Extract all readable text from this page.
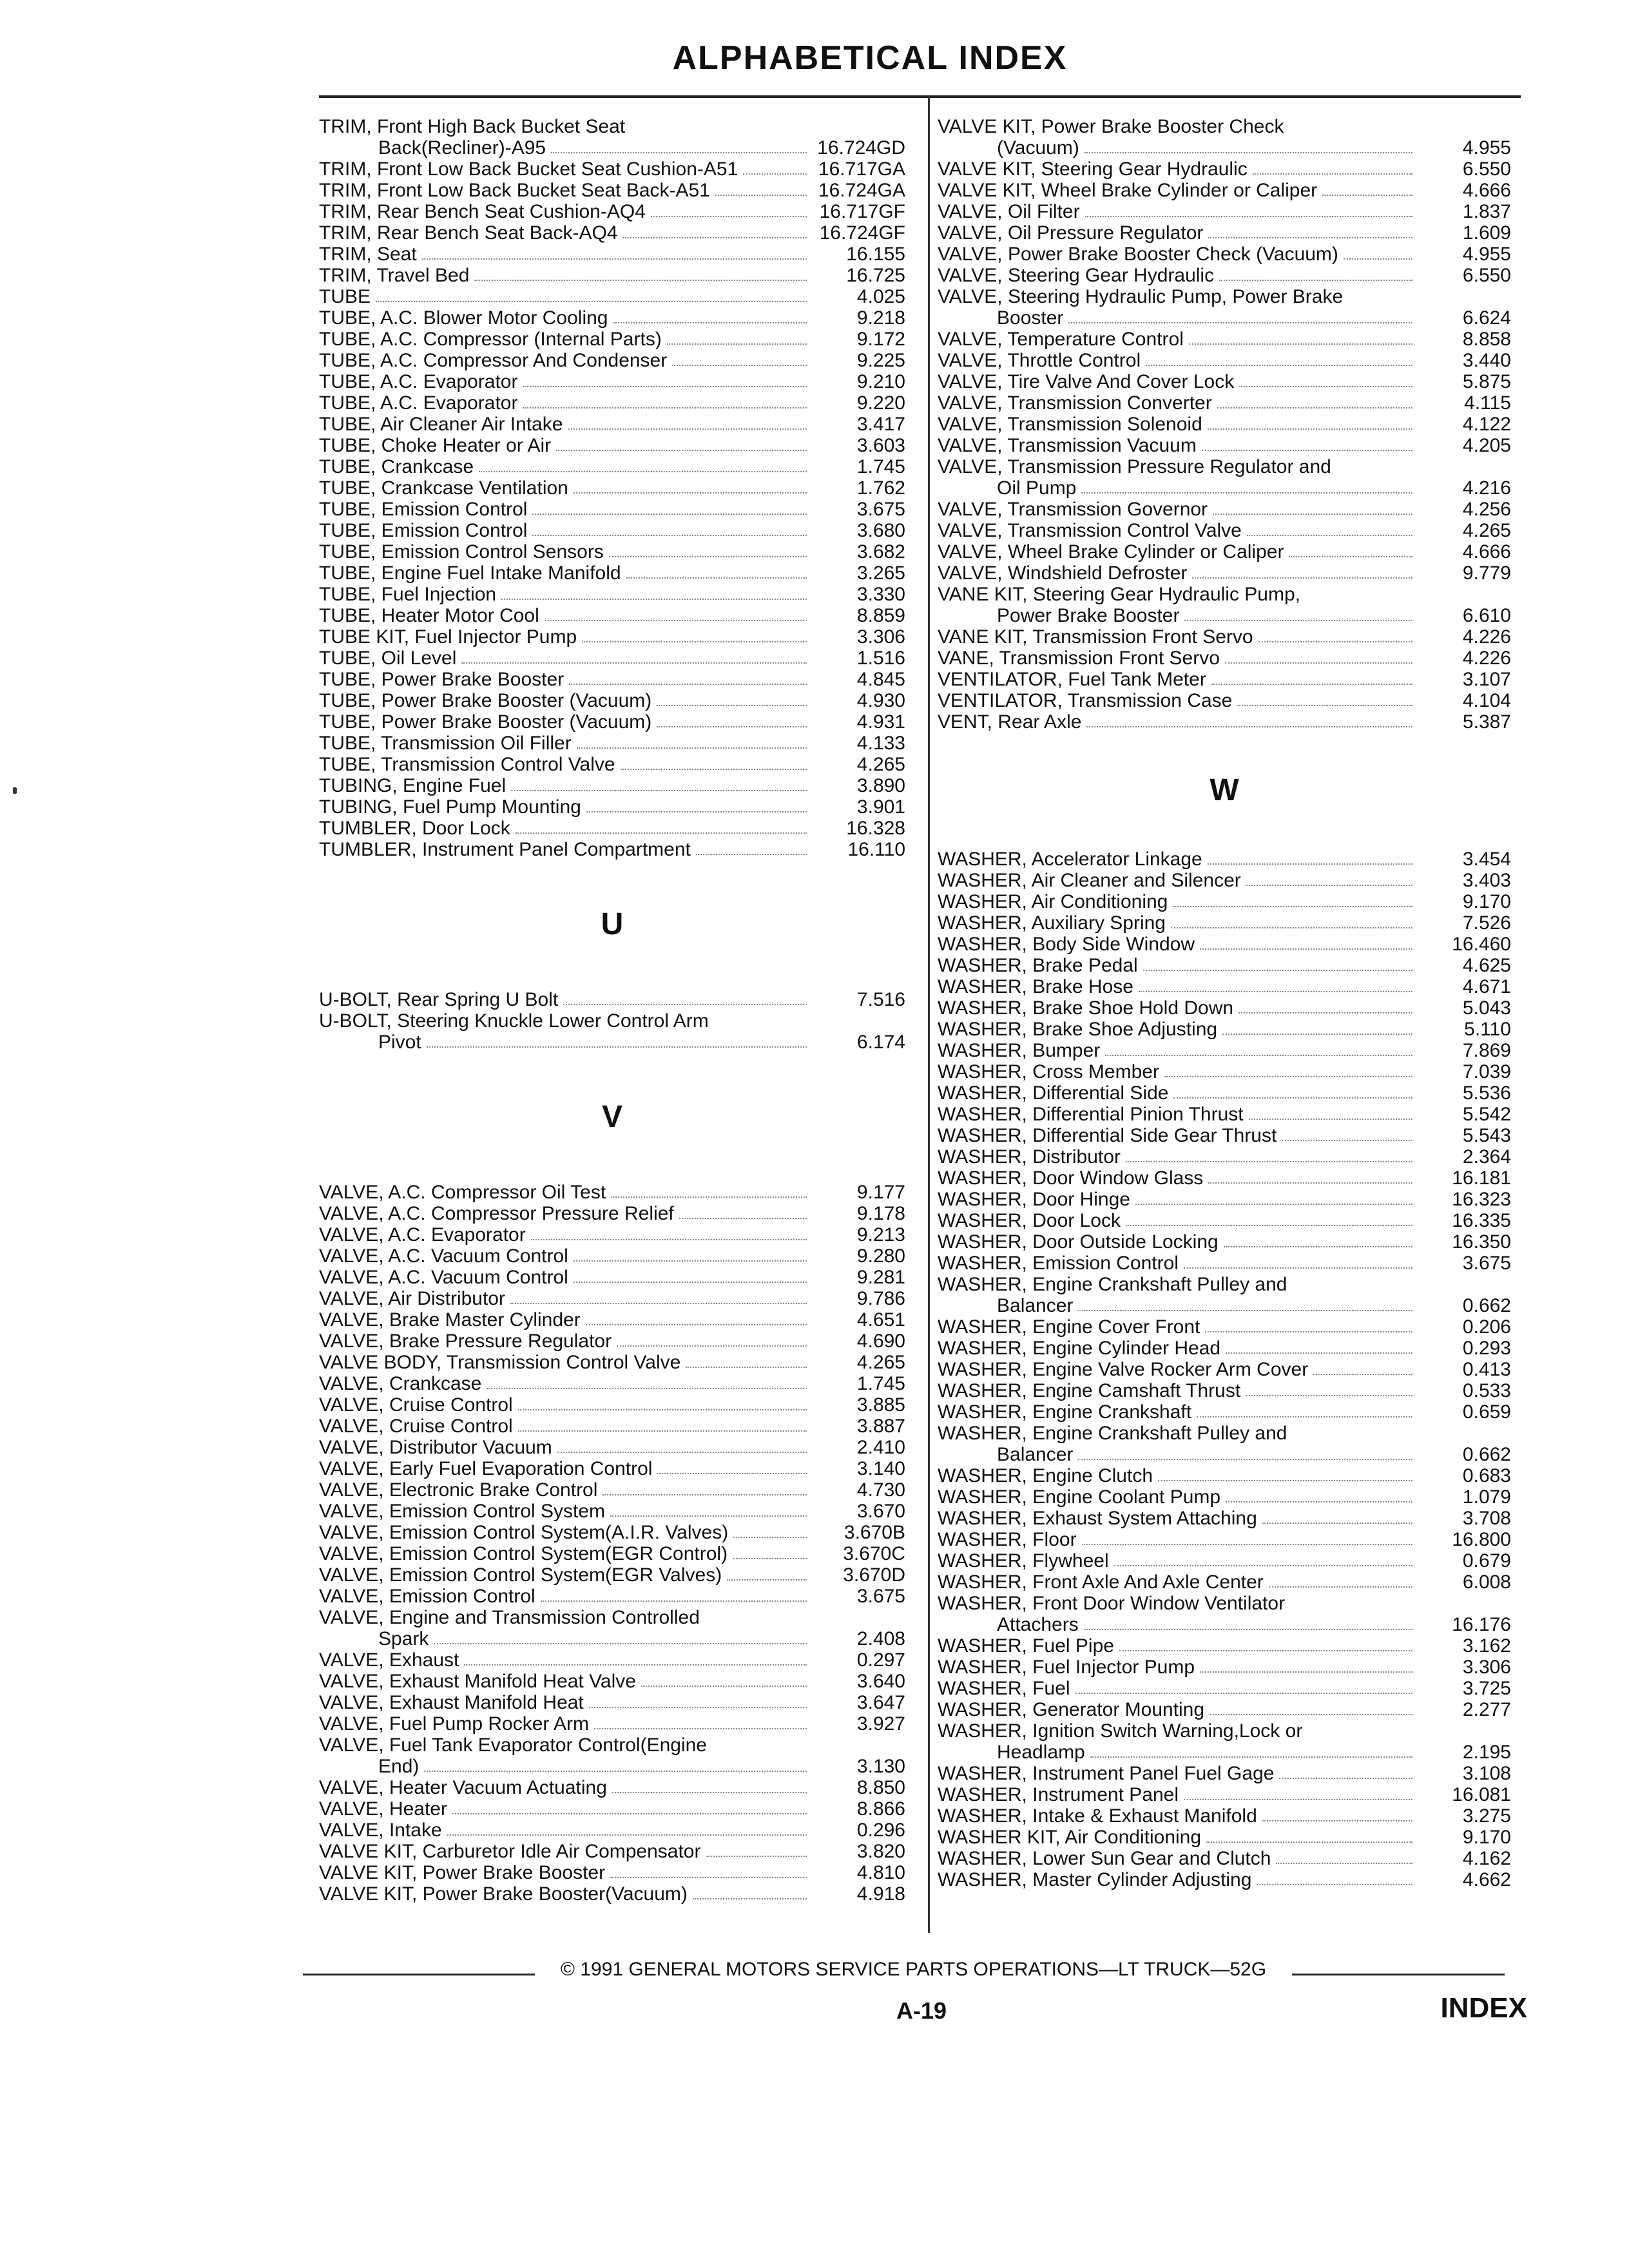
ALPHABETICAL INDEX
TRIM, Front High Back Bucket Seat
Back(Recliner)-A95	16.724GD
TRIM, Front Low Back Bucket Seat Cushion-A51	16.717GA
TRIM, Front Low Back Bucket Seat Back-A51	16.724GA
TRIM, Rear Bench Seat Cushion-AQ4	16.717GF
TRIM, Rear Bench Seat Back-AQ4	16.724GF
TRIM, Seat	16.155
TRIM, Travel Bed	16.725
TUBE	4.025
TUBE, A.C. Blower Motor Cooling	9.218
TUBE, A.C. Compressor (Internal Parts)	9.172
TUBE, A.C. Compressor And Condenser	9.225
TUBE, A.C. Evaporator	9.210
TUBE, A.C. Evaporator	9.220
TUBE, Air Cleaner Air Intake	3.417
TUBE, Choke Heater or Air	3.603
TUBE, Crankcase	1.745
TUBE, Crankcase Ventilation	1.762
TUBE, Emission Control	3.675
TUBE, Emission Control	3.680
TUBE, Emission Control Sensors	3.682
TUBE, Engine Fuel Intake Manifold	3.265
TUBE, Fuel Injection	3.330
TUBE, Heater Motor Cool	8.859
TUBE KIT, Fuel Injector Pump	3.306
TUBE, Oil Level	1.516
TUBE, Power Brake Booster	4.845
TUBE, Power Brake Booster (Vacuum)	4.930
TUBE, Power Brake Booster (Vacuum)	4.931
TUBE, Transmission Oil Filler	4.133
TUBE, Transmission Control Valve	4.265
TUBING, Engine Fuel	3.890
TUBING, Fuel Pump Mounting	3.901
TUMBLER, Door Lock	16.328
TUMBLER, Instrument Panel Compartment	16.110
U
U-BOLT, Rear Spring U Bolt	7.516
U-BOLT, Steering Knuckle Lower Control Arm
Pivot	6.174
V
VALVE, A.C. Compressor Oil Test	9.177
VALVE, A.C. Compressor Pressure Relief	9.178
VALVE, A.C. Evaporator	9.213
VALVE, A.C. Vacuum Control	9.280
VALVE, A.C. Vacuum Control	9.281
VALVE, Air Distributor	9.786
VALVE, Brake Master Cylinder	4.651
VALVE, Brake Pressure Regulator	4.690
VALVE BODY, Transmission Control Valve	4.265
VALVE, Crankcase	1.745
VALVE, Cruise Control	3.885
VALVE, Cruise Control	3.887
VALVE, Distributor Vacuum	2.410
VALVE, Early Fuel Evaporation Control	3.140
VALVE, Electronic Brake Control	4.730
VALVE, Emission Control System	3.670
VALVE, Emission Control System(A.I.R. Valves)	3.670B
VALVE, Emission Control System(EGR Control)	3.670C
VALVE, Emission Control System(EGR Valves)	3.670D
VALVE, Emission Control	3.675
VALVE, Engine and Transmission Controlled
Spark	2.408
VALVE, Exhaust	0.297
VALVE, Exhaust Manifold Heat Valve	3.640
VALVE, Exhaust Manifold Heat	3.647
VALVE, Fuel Pump Rocker Arm	3.927
VALVE, Fuel Tank Evaporator Control(Engine
End)	3.130
VALVE, Heater Vacuum Actuating	8.850
VALVE, Heater	8.866
VALVE, Intake	0.296
VALVE KIT, Carburetor Idle Air Compensator	3.820
VALVE KIT, Power Brake Booster	4.810
VALVE KIT, Power Brake Booster(Vacuum)	4.918
VALVE KIT, Power Brake Booster Check
(Vacuum)	4.955
VALVE KIT, Steering Gear Hydraulic	6.550
VALVE KIT, Wheel Brake Cylinder or Caliper	4.666
VALVE, Oil Filter	1.837
VALVE, Oil Pressure Regulator	1.609
VALVE, Power Brake Booster Check (Vacuum)	4.955
VALVE, Steering Gear Hydraulic	6.550
VALVE, Steering Hydraulic Pump, Power Brake
Booster	6.624
VALVE, Temperature Control	8.858
VALVE, Throttle Control	3.440
VALVE, Tire Valve And Cover Lock	5.875
VALVE, Transmission Converter	4.115
VALVE, Transmission Solenoid	4.122
VALVE, Transmission Vacuum	4.205
VALVE, Transmission Pressure Regulator and
Oil Pump	4.216
VALVE, Transmission Governor	4.256
VALVE, Transmission Control Valve	4.265
VALVE, Wheel Brake Cylinder or Caliper	4.666
VALVE, Windshield Defroster	9.779
VANE KIT, Steering Gear Hydraulic Pump,
Power Brake Booster	6.610
VANE KIT, Transmission Front Servo	4.226
VANE, Transmission Front Servo	4.226
VENTILATOR, Fuel Tank Meter	3.107
VENTILATOR, Transmission Case	4.104
VENT, Rear Axle	5.387
W
WASHER, Accelerator Linkage	3.454
WASHER, Air Cleaner and Silencer	3.403
WASHER, Air Conditioning	9.170
WASHER, Auxiliary Spring	7.526
WASHER, Body Side Window	16.460
WASHER, Brake Pedal	4.625
WASHER, Brake Hose	4.671
WASHER, Brake Shoe Hold Down	5.043
WASHER, Brake Shoe Adjusting	5.110
WASHER, Bumper	7.869
WASHER, Cross Member	7.039
WASHER, Differential Side	5.536
WASHER, Differential Pinion Thrust	5.542
WASHER, Differential Side Gear Thrust	5.543
WASHER, Distributor	2.364
WASHER, Door Window Glass	16.181
WASHER, Door Hinge	16.323
WASHER, Door Lock	16.335
WASHER, Door Outside Locking	16.350
WASHER, Emission Control	3.675
WASHER, Engine Crankshaft Pulley and
Balancer	0.662
WASHER, Engine Cover Front	0.206
WASHER, Engine Cylinder Head	0.293
WASHER, Engine Valve Rocker Arm Cover	0.413
WASHER, Engine Camshaft Thrust	0.533
WASHER, Engine Crankshaft	0.659
WASHER, Engine Crankshaft Pulley and
Balancer	0.662
WASHER, Engine Clutch	0.683
WASHER, Engine Coolant Pump	1.079
WASHER, Exhaust System Attaching	3.708
WASHER, Floor	16.800
WASHER, Flywheel	0.679
WASHER, Front Axle And Axle Center	6.008
WASHER, Front Door Window Ventilator
Attachers	16.176
WASHER, Fuel Pipe	3.162
WASHER, Fuel Injector Pump	3.306
WASHER, Fuel	3.725
WASHER, Generator Mounting	2.277
WASHER, Ignition Switch Warning,Lock or
Headlamp	2.195
WASHER, Instrument Panel Fuel Gage	3.108
WASHER, Instrument Panel	16.081
WASHER, Intake & Exhaust Manifold	3.275
WASHER KIT, Air Conditioning	9.170
WASHER, Lower Sun Gear and Clutch	4.162
WASHER, Master Cylinder Adjusting	4.662
© 1991 GENERAL MOTORS SERVICE PARTS OPERATIONS—LT TRUCK—52G
A-19	INDEX
